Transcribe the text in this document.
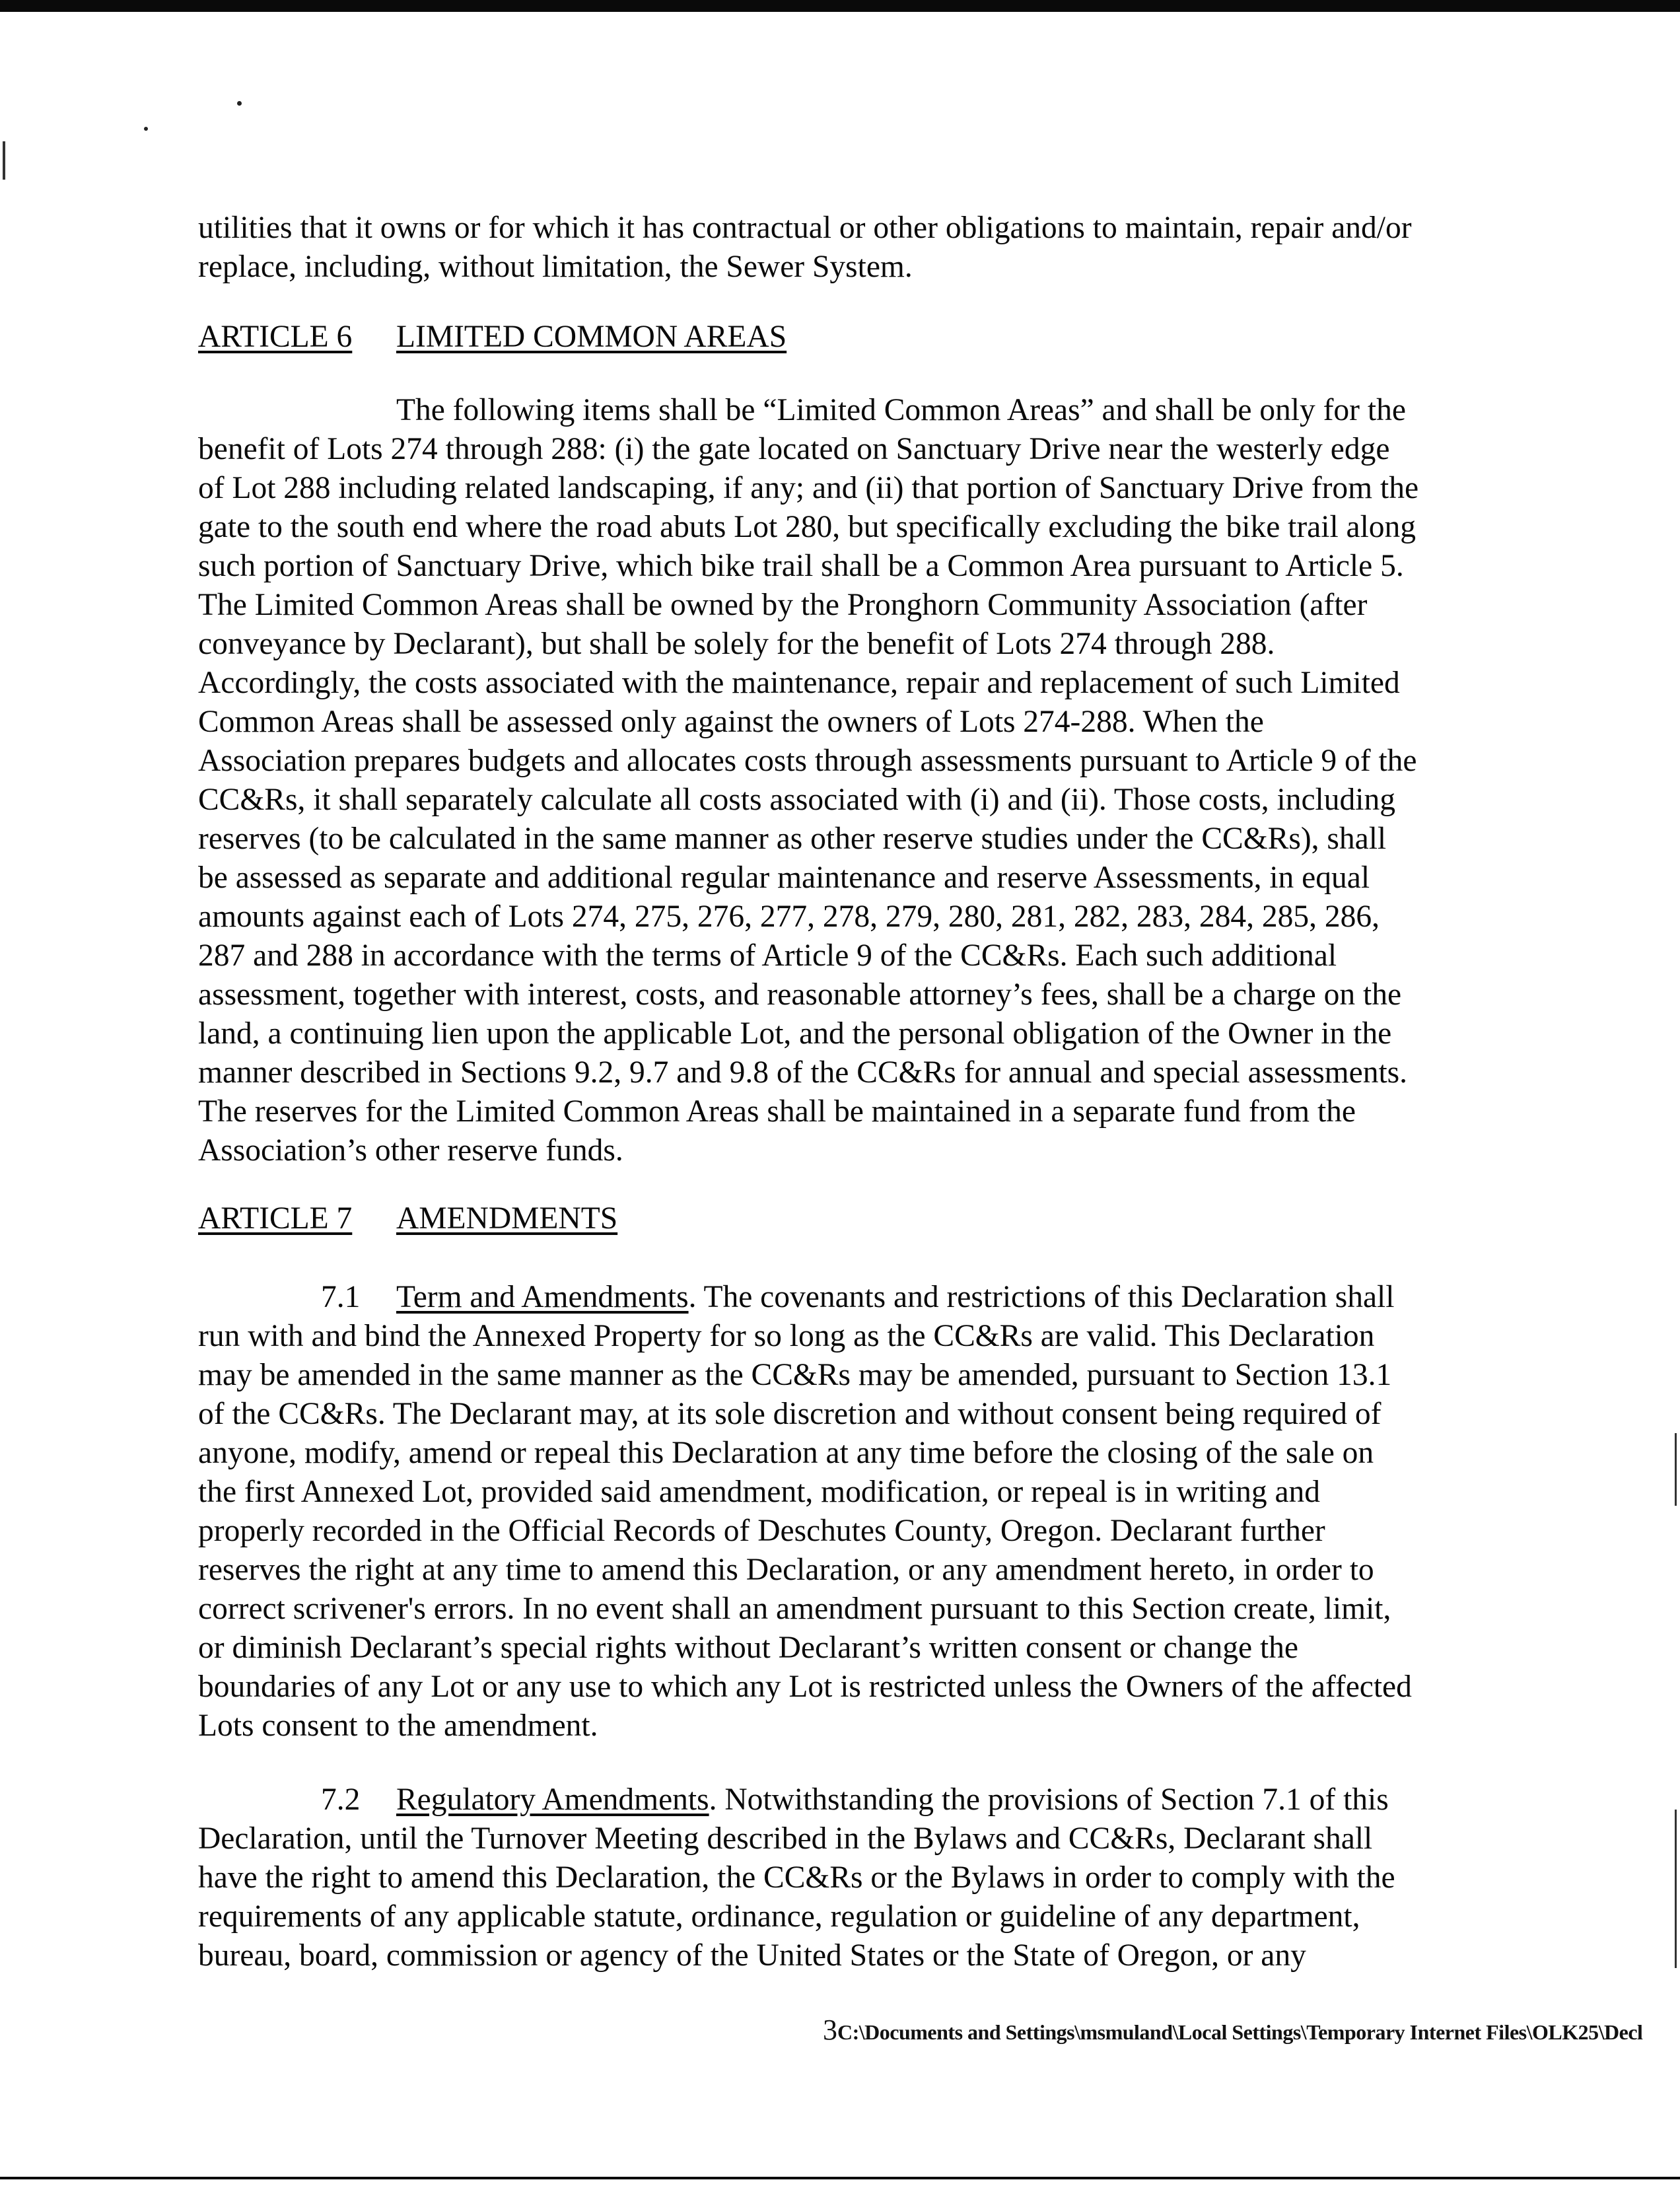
utilities that it owns or for which it has contractual or other obligations to maintain, repair and/or
replace, including, without limitation, the Sewer System.
ARTICLE 6 LIMITED COMMON AREAS
The following items shall be “Limited Common Areas” and shall be only for the
benefit of Lots 274 through 288: (i) the gate located on Sanctuary Drive near the westerly edge
of Lot 288 including related landscaping, if any; and (ii) that portion of Sanctuary Drive from the
gate to the south end where the road abuts Lot 280, but specifically excluding the bike trail along
such portion of Sanctuary Drive, which bike trail shall be a Common Area pursuant to Article 5.
The Limited Common Areas shall be owned by the Pronghorn Community Association (after
conveyance by Declarant), but shall be solely for the benefit of Lots 274 through 288.
Accordingly, the costs associated with the maintenance, repair and replacement of such Limited
Common Areas shall be assessed only against the owners of Lots 274-288. When the
Association prepares budgets and allocates costs through assessments pursuant to Article 9 of the
CC&Rs, it shall separately calculate all costs associated with (i) and (ii). Those costs, including
reserves (to be calculated in the same manner as other reserve studies under the CC&Rs), shall
be assessed as separate and additional regular maintenance and reserve Assessments, in equal
amounts against each of Lots 274, 275, 276, 277, 278, 279, 280, 281, 282, 283, 284, 285, 286,
287 and 288 in accordance with the terms of Article 9 of the CC&Rs. Each such additional
assessment, together with interest, costs, and reasonable attorney’s fees, shall be a charge on the
land, a continuing lien upon the applicable Lot, and the personal obligation of the Owner in the
manner described in Sections 9.2, 9.7 and 9.8 of the CC&Rs for annual and special assessments.
The reserves for the Limited Common Areas shall be maintained in a separate fund from the
Association’s other reserve funds.
ARTICLE 7 AMENDMENTS
7.1 Term and Amendments. The covenants and restrictions of this Declaration shall
run with and bind the Annexed Property for so long as the CC&Rs are valid. This Declaration
may be amended in the same manner as the CC&Rs may be amended, pursuant to Section 13.1
of the CC&Rs. The Declarant may, at its sole discretion and without consent being required of
anyone, modify, amend or repeal this Declaration at any time before the closing of the sale on
the first Annexed Lot, provided said amendment, modification, or repeal is in writing and
properly recorded in the Official Records of Deschutes County, Oregon. Declarant further
reserves the right at any time to amend this Declaration, or any amendment hereto, in order to
correct scrivener's errors. In no event shall an amendment pursuant to this Section create, limit,
or diminish Declarant’s special rights without Declarant’s written consent or change the
boundaries of any Lot or any use to which any Lot is restricted unless the Owners of the affected
Lots consent to the amendment.
7.2 Regulatory Amendments. Notwithstanding the provisions of Section 7.1 of this
Declaration, until the Turnover Meeting described in the Bylaws and CC&Rs, Declarant shall
have the right to amend this Declaration, the CC&Rs or the Bylaws in order to comply with the
requirements of any applicable statute, ordinance, regulation or guideline of any department,
bureau, board, commission or agency of the United States or the State of Oregon, or any
3C:\Documents and Settings\msmuland\Local Settings\Temporary Internet Files\OLK25\Decl
